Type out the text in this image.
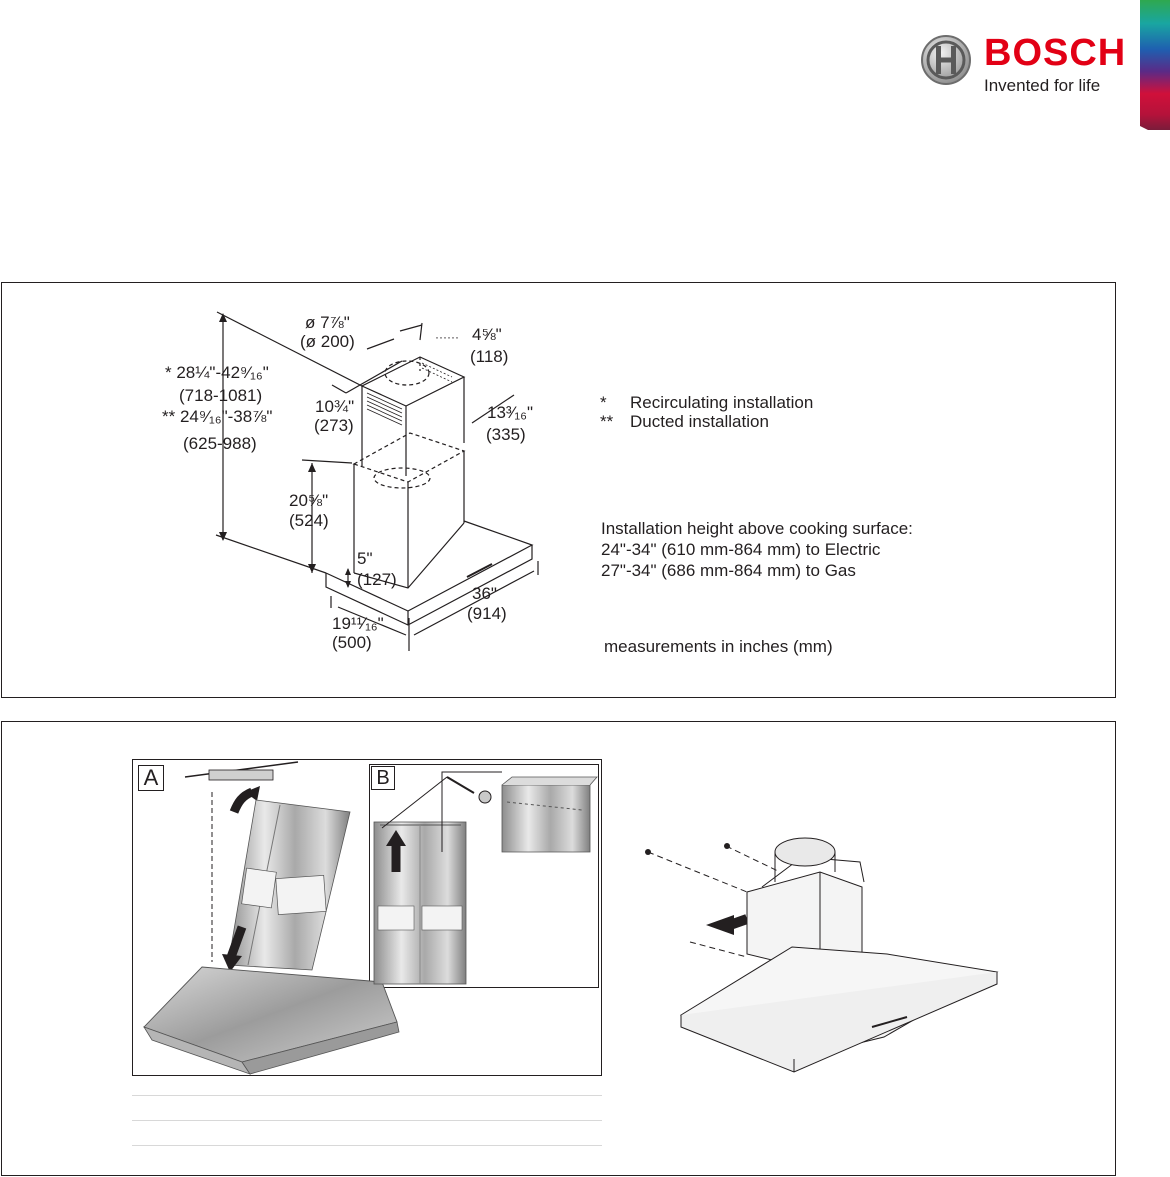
BOSCH
Invented for life
······
ø 7⅞"
(ø 200)	4⅝"
(118)
* 28¼"-42⁹⁄₁₆"
(718-1081)
** 24⁹⁄₁₆"-38⅞"
(625-988)
10¾"
(273)
13³⁄₁₆"
(335)
20⅝"
(524)
5"
(127)
36"
(914)
19¹¹⁄₁₆"
(500)
* Recirculating installation
** Ducted installation
Installation height above cooking surface:
24"-34" (610 mm-864 mm) to Electric
27"-34" (686 mm-864 mm) to Gas
measurements in inches (mm)
A	B
